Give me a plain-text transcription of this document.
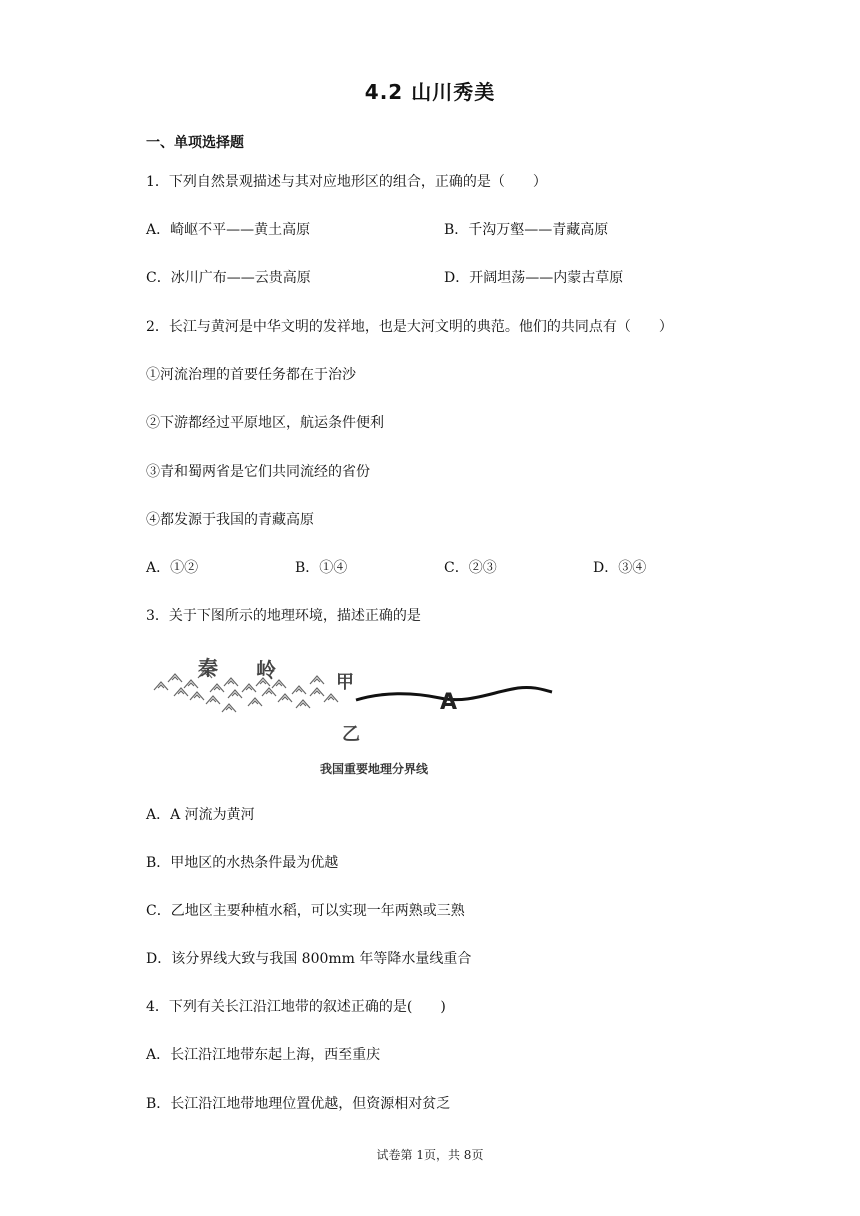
4.2 山川秀美
一、单项选择题
1．下列自然景观描述与其对应地形区的组合，正确的是（　　）
A．崎岖不平——黄土高原	B．千沟万壑——青藏高原
C．冰川广布——云贵高原	D．开阔坦荡——内蒙古草原
2．长江与黄河是中华文明的发祥地，也是大河文明的典范。他们的共同点有（　　）
①河流治理的首要任务都在于治沙
②下游都经过平原地区，航运条件便利
③青和蜀两省是它们共同流经的省份
④都发源于我国的青藏高原
A．①②	B．①④	C．②③	D．③④
3．关于下图所示的地理环境，描述正确的是
秦 岭
甲
乙
A
我国重要地理分界线
A．A 河流为黄河
B．甲地区的水热条件最为优越
C．乙地区主要种植水稻，可以实现一年两熟或三熟
D．该分界线大致与我国 800mm 年等降水量线重合
4．下列有关长江沿江地带的叙述正确的是(　　)
A．长江沿江地带东起上海，西至重庆
B．长江沿江地带地理位置优越，但资源相对贫乏
试卷第 1页，共 8页
